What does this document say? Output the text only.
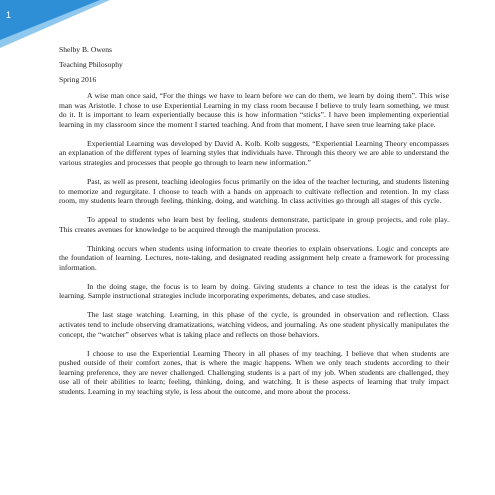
1
Shelby B. Owens
Teaching Philosophy
Spring 2016

A wise man once said, “For the things we have to learn before we can do them, we learn by doing them”. This wise man was Aristotle. I chose to use Experiential Learning in my class room because I believe to truly learn something, we must do it. It is important to learn experientially because this is how information “sticks”. I have been implementing experiential learning in my classroom since the moment I started teaching. And from that moment, I have seen true learning take place.

Experiential Learning was developed by David A. Kolb. Kolb suggests, “Experiential Learning Theory encompasses an explanation of the different types of learning styles that individuals have. Through this theory we are able to understand the various strategies and processes that people go through to learn new information.”

Past, as well as present, teaching ideologies focus primarily on the idea of the teacher lecturing, and students listening to memorize and regurgitate. I choose to teach with a hands on approach to cultivate reflection and retention. In my class room, my students learn through feeling, thinking, doing, and watching. In class activities go through all stages of this cycle.

To appeal to students who learn best by feeling, students demonstrate, participate in group projects, and role play. This creates avenues for knowledge to be acquired through the manipulation process.

Thinking occurs when students using information to create theories to explain observations. Logic and concepts are the foundation of learning. Lectures, note-taking, and designated reading assignment help create a framework for processing information.

In the doing stage, the focus is to learn by doing. Giving students a chance to test the ideas is the catalyst for learning. Sample instructional strategies include incorporating experiments, debates, and case studies.

The last stage watching. Learning, in this phase of the cycle, is grounded in observation and reflection. Class activates tend to include observing dramatizations, watching videos, and journaling. As one student physically manipulates the concept, the “watcher” observes what is taking place and reflects on those behaviors.

I choose to use the Experiential Learning Theory in all phases of my teaching. I believe that when students are pushed outside of their comfort zones, that is where the magic happens. When we only teach students according to their learning preference, they are never challenged. Challenging students is a part of my job. When students are challenged, they use all of their abilities to learn; feeling, thinking, doing, and watching. It is these aspects of learning that truly impact students. Learning in my teaching style, is less about the outcome, and more about the process.
